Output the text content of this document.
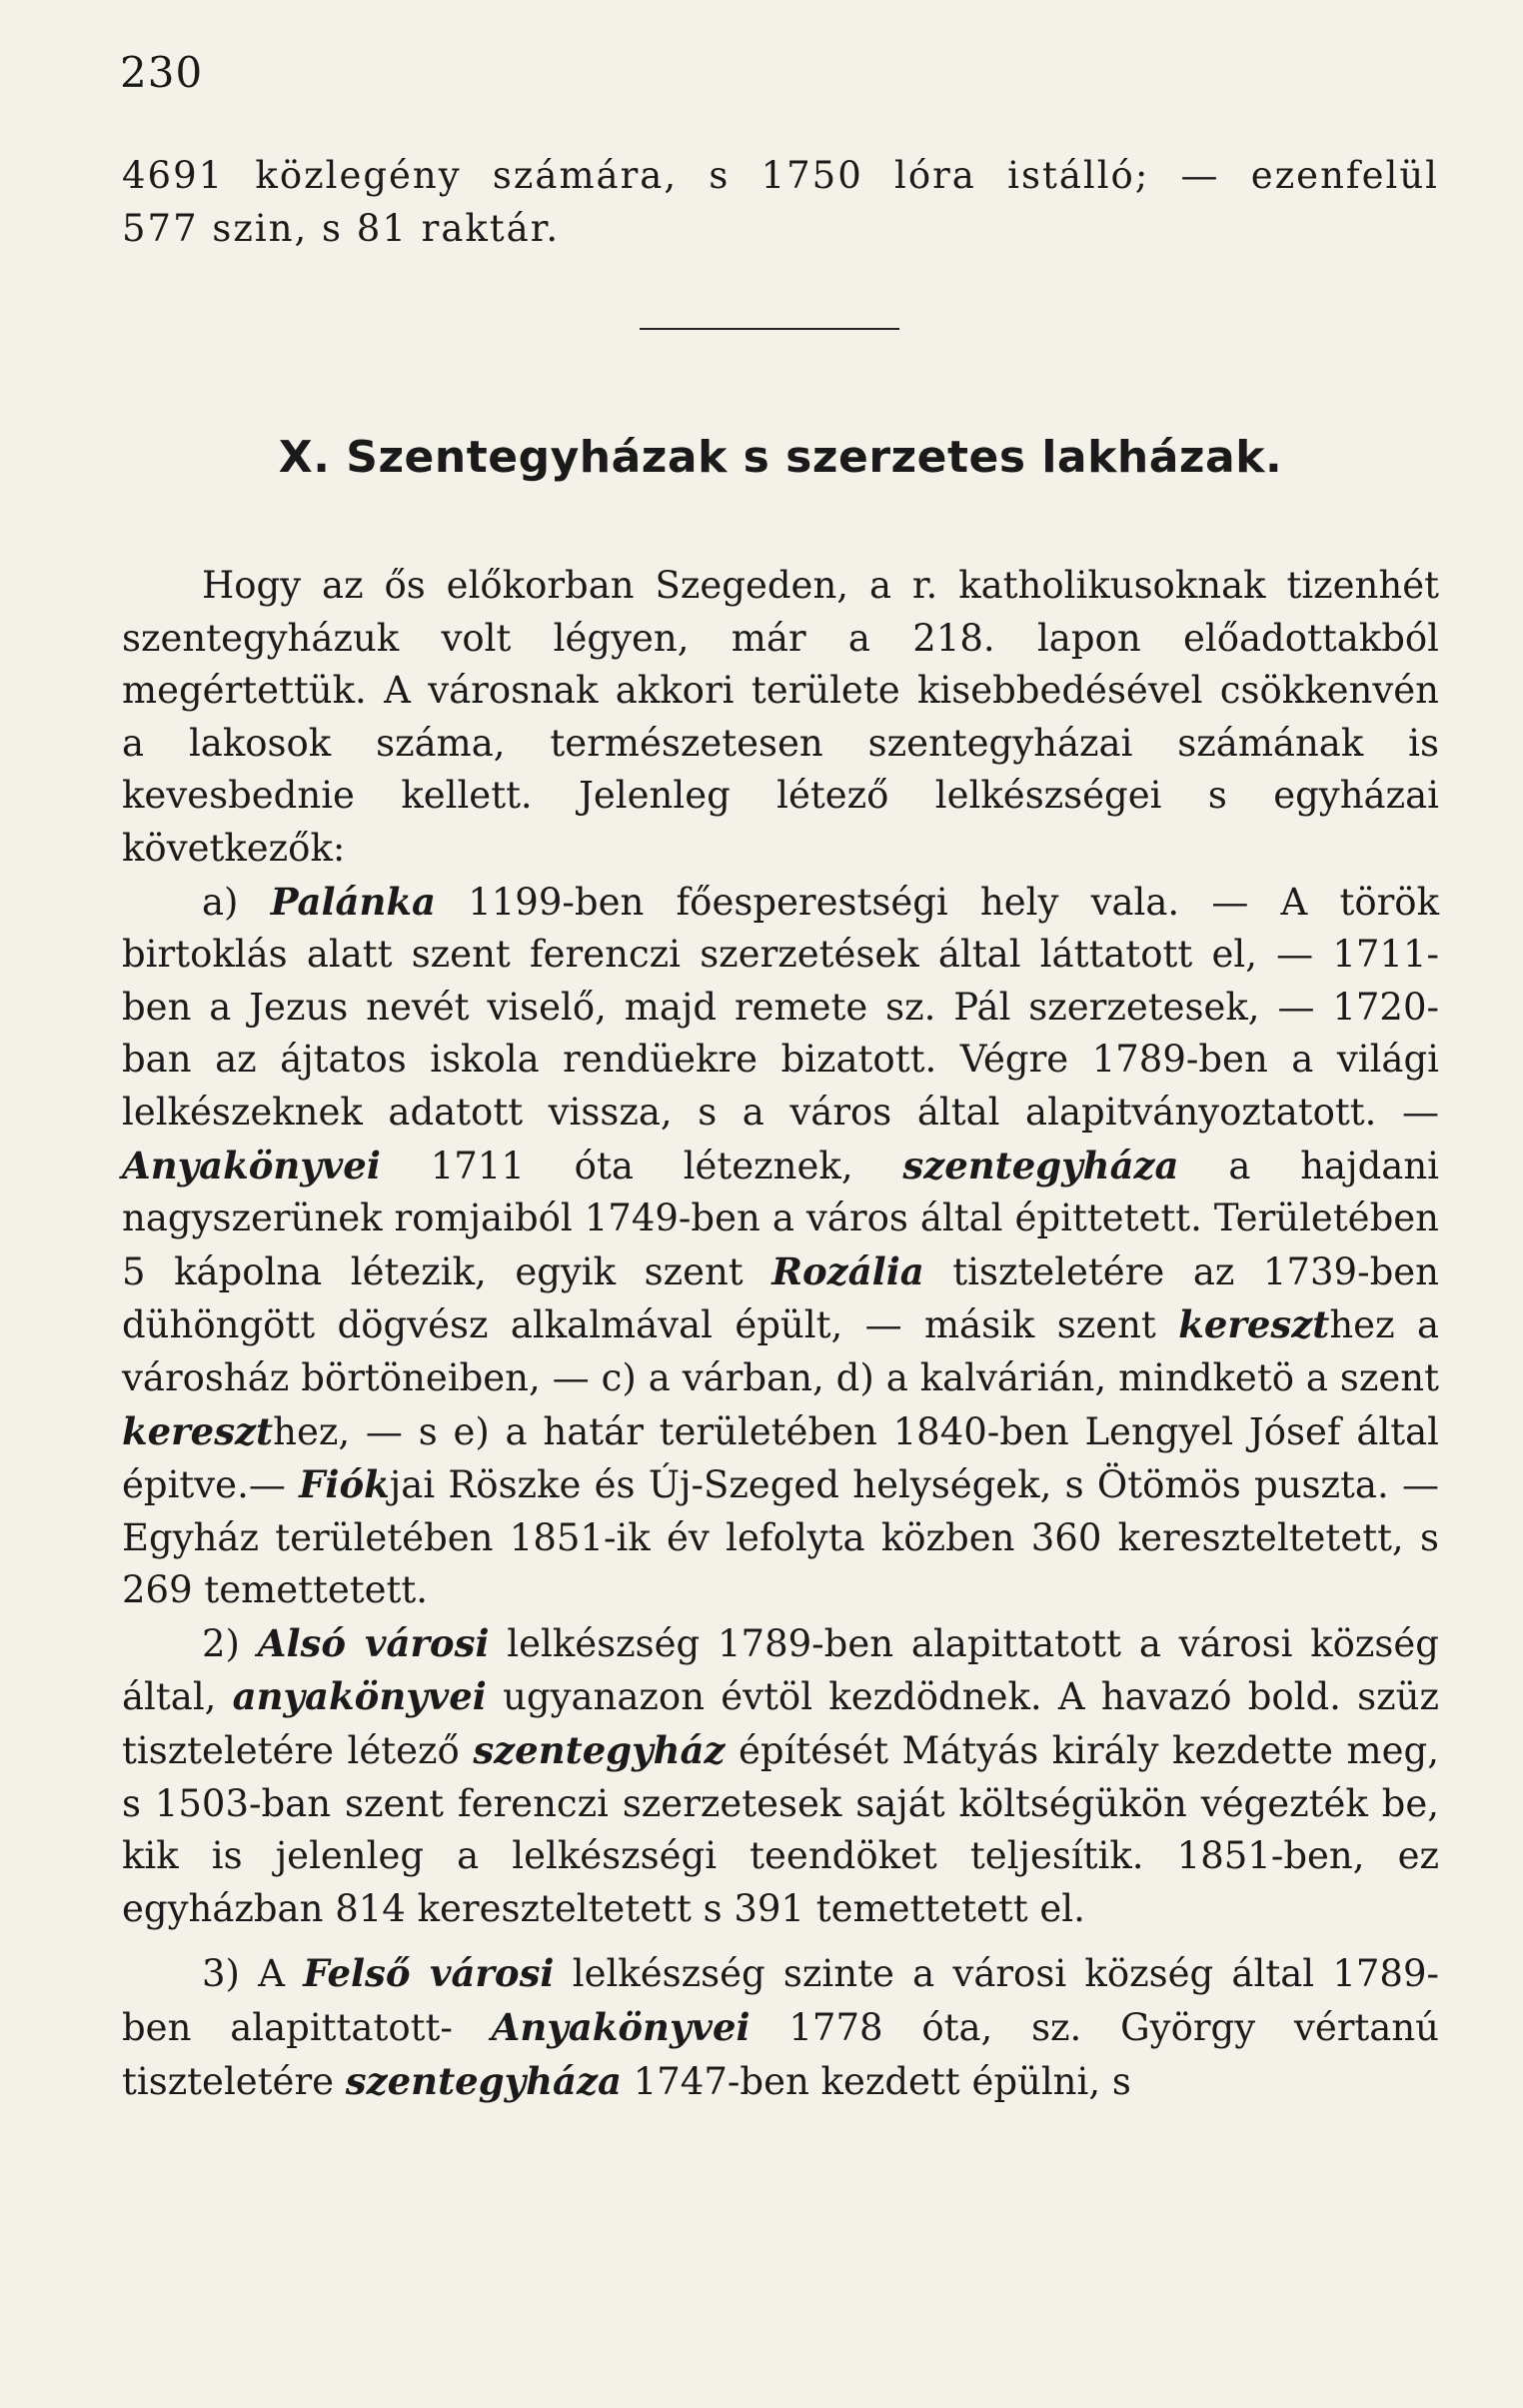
230
4691 közlegény számára, s 1750 lóra istálló; — ezenfelül
577 szin, s 81 raktár.
X. Szentegyházak s szerzetes lakházak.

Hogy az ős előkorban Szegeden, a r. katholikusoknak tizenhét szentegyházuk volt légyen, már a 218. lapon előadottakból megértettük. A városnak akkori területe kisebbedésével csökkenvén a lakosok száma, természetesen szentegyházai számának is kevesbednie kellett. Jelenleg létező lelkészségei s egyházai következők:

a) Palánka 1199-ben főesperestségi hely vala. — A török birtoklás alatt szent ferenczi szerzetések által láttatott el, — 1711-ben a Jezus nevét viselő, majd remete sz. Pál szerzetesek, — 1720-ban az ájtatos iskola rendüekre bizatott. Végre 1789-ben a világi lelkészeknek adatott vissza, s a város által alapitványoztatott. — Anyakönyvei 1711 óta léteznek, szentegyháza a hajdani nagyszerünek romjaiból 1749-ben a város által épittetett. Területében 5 kápolna létezik, egyik szent Rozália tiszteletére az 1739-ben dühöngött dögvész alkalmával épült, — másik szent kereszthez a városház börtöneiben, — c) a várban, d) a kalvárián, mindketö a szent kereszthez, — s e) a határ területében 1840-ben Lengyel Jósef által épitve.— Fiókjai Röszke és Új-Szeged helységek, s Ötömös puszta. — Egyház területében 1851-ik év lefolyta közben 360 kereszteltetett, s 269 temettetett.

2) Alsó városi lelkészség 1789-ben alapittatott a városi község által, anyakönyvei ugyanazon évtöl kezdödnek. A havazó bold. szüz tiszteletére létező szentegyház építését Mátyás király kezdette meg, s 1503-ban szent ferenczi szerzetesek saját költségükön végezték be, kik is jelenleg a lelkészségi teendöket teljesítik. 1851-ben, ez egyházban 814 kereszteltetett s 391 temettetett el.

3) A Felső városi lelkészség szinte a városi község által 1789-ben alapittatott- Anyakönyvei 1778 óta, sz. György vértanú tiszteletére szentegyháza 1747-ben kezdett épülni, s
